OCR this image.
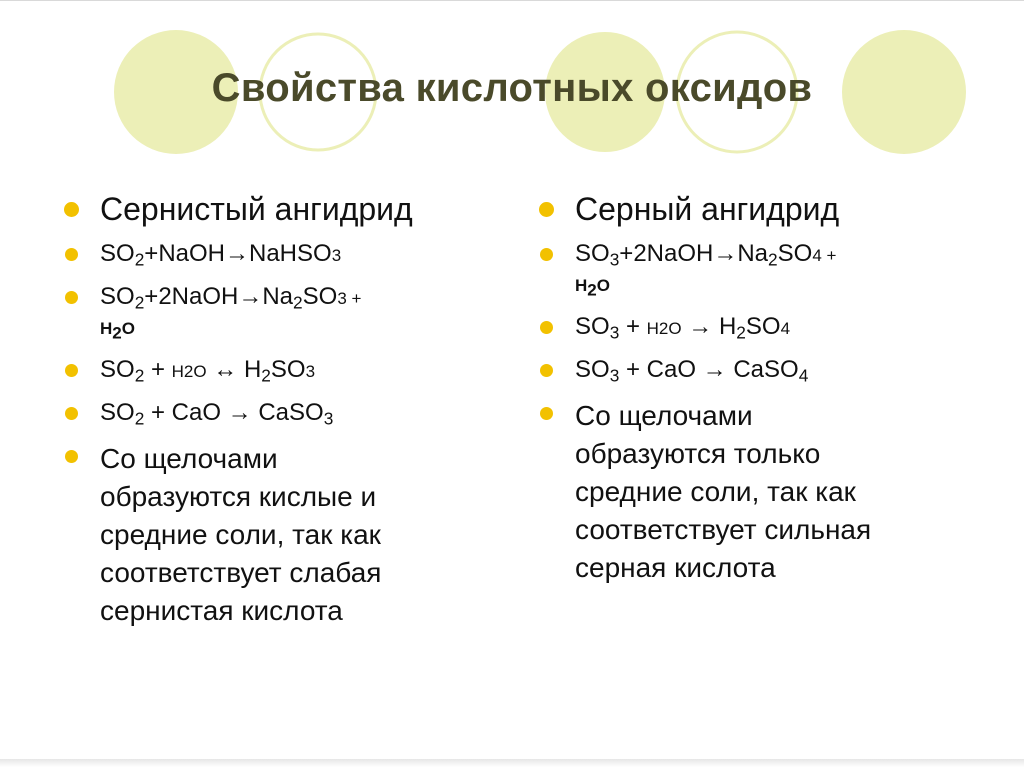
Свойства кислотных оксидов
Сернистый ангидрид
$SO_2+NaOH\to NaHSO3$
$SO_2+2NaOH\to Na_2SO3$ +
$H_2O$
$SO_2 + H2O$ ↔ $H_2SO3$
$SO_2$ + CaO → CaSO$_3$
Со щелочами
образуются кислые и
средние соли, так как
соответствует слабая
сернистая кислота
Серный ангидрид
$SO_3+2NaOH\to Na_2SO4$ +
$H_2O$
$SO_3 + H2O \to H_2SO4$
$SO_3$ + CaO → CaSO$_4$
Со щелочами
образуются только
средние соли, так как
соответствует сильная
серная кислота
